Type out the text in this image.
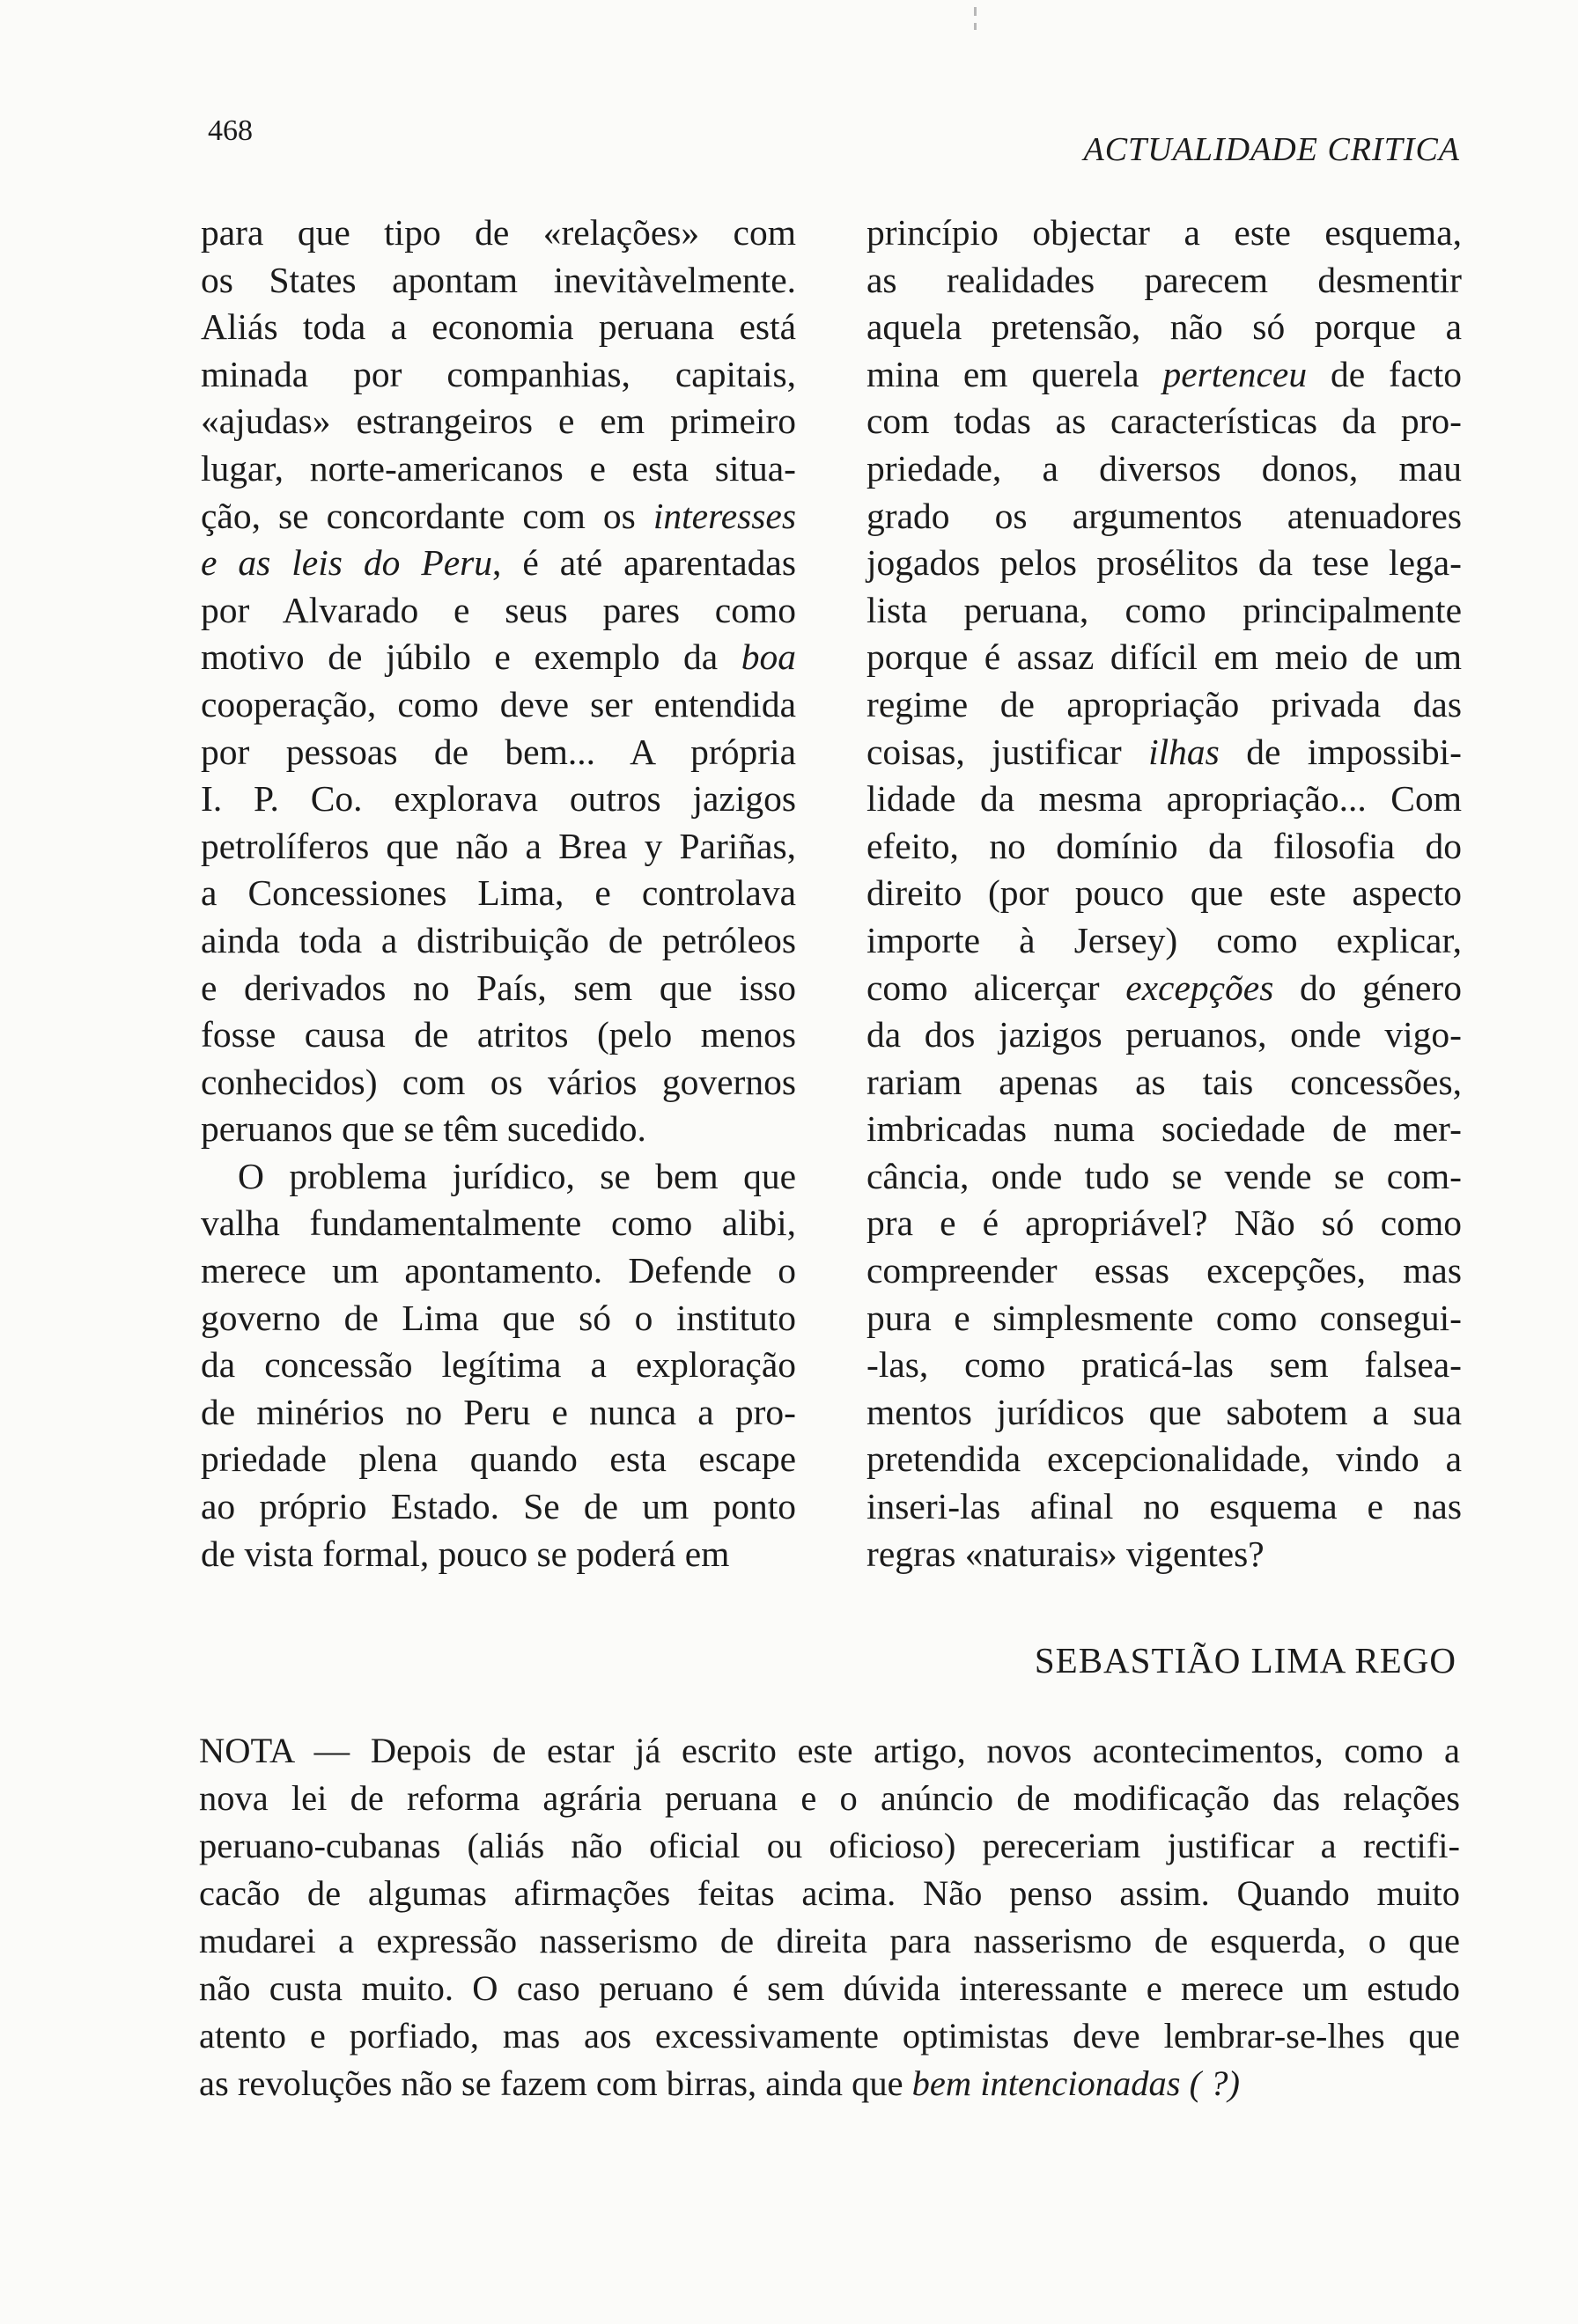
468
ACTUALIDADE CRITICA
para que tipo de «relações» com
os States apontam inevitàvelmente.
Aliás toda a economia peruana está
minada por companhias, capitais,
«ajudas» estrangeiros e em primeiro
lugar, norte-americanos e esta situa-
ção, se concordante com os interesses
e as leis do Peru, é até aparentadas
por Alvarado e seus pares como
motivo de júbilo e exemplo da boa
cooperação, como deve ser entendida
por pessoas de bem... A própria
I. P. Co. explorava outros jazigos
petrolíferos que não a Brea y Pariñas,
a Concessiones Lima, e controlava
ainda toda a distribuição de petróleos
e derivados no País, sem que isso
fosse causa de atritos (pelo menos
conhecidos) com os vários governos
peruanos que se têm sucedido.
O problema jurídico, se bem que
valha fundamentalmente como alibi,
merece um apontamento. Defende o
governo de Lima que só o instituto
da concessão legítima a exploração
de minérios no Peru e nunca a pro-
priedade plena quando esta escape
ao próprio Estado. Se de um ponto
de vista formal, pouco se poderá em
princípio objectar a este esquema,
as realidades parecem desmentir
aquela pretensão, não só porque a
mina em querela pertenceu de facto
com todas as características da pro-
priedade, a diversos donos, mau
grado os argumentos atenuadores
jogados pelos prosélitos da tese lega-
lista peruana, como principalmente
porque é assaz difícil em meio de um
regime de apropriação privada das
coisas, justificar ilhas de impossibi-
lidade da mesma apropriação... Com
efeito, no domínio da filosofia do
direito (por pouco que este aspecto
importe à Jersey) como explicar,
como alicerçar excepções do género
da dos jazigos peruanos, onde vigo-
rariam apenas as tais concessões,
imbricadas numa sociedade de mer-
cância, onde tudo se vende se com-
pra e é apropriável? Não só como
compreender essas excepções, mas
pura e simplesmente como consegui-
-las, como praticá-las sem falsea-
mentos jurídicos que sabotem a sua
pretendida excepcionalidade, vindo a
inseri-las afinal no esquema e nas
regras «naturais» vigentes?
SEBASTIÃO LIMA REGO
NOTA — Depois de estar já escrito este artigo, novos acontecimentos, como a
nova lei de reforma agrária peruana e o anúncio de modificação das relações
peruano-cubanas (aliás não oficial ou oficioso) pereceriam justificar a rectifi-
cacão de algumas afirmações feitas acima. Não penso assim. Quando muito
mudarei a expressão nasserismo de direita para nasserismo de esquerda, o que
não custa muito. O caso peruano é sem dúvida interessante e merece um estudo
atento e porfiado, mas aos excessivamente optimistas deve lembrar-se-lhes que
as revoluções não se fazem com birras, ainda que bem intencionadas ( ?)
